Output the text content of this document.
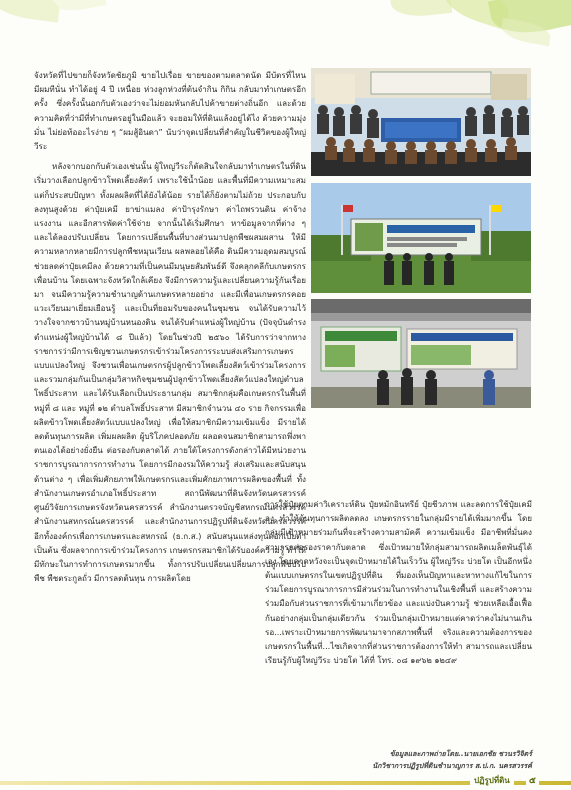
จังหวัดที่ไปขายก็จังหวัดชัยภูมิ ขายไปเรื่อย ขายของตามตลาดนัด มีบัตรที่ไหน มีผมทีนั่น ทำได้อยู่ 4 ปี เหนื่อย ห่วงลูกห่วงที่ต้นจำกิน กิกิน กลับมาทำเกษตรอีกครั้ง ซึ่งครั้งนั้นอกกับตัวเองว่าจะไม่ยอมหันกลับไปค้าขายต่างถิ่นอีก และด้วยความคิดที่ว่ามีที่ทำเกษตรอยู่ในมือแล้ว จะยอมให้ที่ดินแล้งอยู่ได้ไง ด้วยความมุ่งมั่น ไม่ย่อท้ออะไรง่าย ๆ “ผมสู้อินดา” นับว่าจุดเปลี่ยนที่สำคัญในชีวิตของผู้ใหญ่วีระ

หลังจากบอกกับตัวเองเช่นนั้น ผู้ใหญ่วีระก็ตัดสินใจกลับมาทำเกษตรในที่ดิน เริ่มวางเลือกปลูกข้าวโพดเลี้ยงสัตว์ เพราะใช้น้ำน้อย และพื้นที่มีความเหมาะสม แต่ก็ประสบปัญหา ทั้งผลผลิตที่ได้ยังได้น้อย รายได้ก็ยังตามไม่ถ้วย ประกอบกับลงทุนสูงด้วย ค่าปุ๋ยเคมี ยาฆ่าแมลง ค่าป้ารุงรักษา ค่าไถพรวนดิน ค่าจ้างแรงงาน และอีกสารพัดค่าใช้จ่าย จากนั้นได้เริ่มศึกษา หาข้อมูลจากที่ต่าง ๆ และได้ลองปรับเปลี่ยน โดยการเปลี่ยนพื้นที่บางส่วนมาปลูกพืชผสมผสาน ให้มีความหลากหลายมีการปลูกพืชหมุนเวียน ผลพลอยได้คือ ดินมีความอุดมสมบูรณ์ช่วยลดค่าปุ๋ยเคมีลง ด้วยความที่เป็นคนมีมนุษยสัมพันธ์ดี จึงคลุกคลีกับเกษตรกรเพื่อนบ้าน โดยเฉพาะจังหวัดใกล้เคียง จึงมีการความรู้และเปลี่ยนความรู้กันเรื่อยมา จนมีความรู้ความชำนาญด้านเกษตรหลายอย่าง และมีเพื่อนเกษตรกรคอยแวะเวียนมาเยี่ยมเยือนรู้ และเป็นที่ยอมรับของคนในชุมชน จนได้รับความไว้วางใจจากชาวบ้านหมู่บ้านหนองดิน จนได้รับตำแหน่งผู้ใหญ่บ้าน (ปัจจุบันดำรงตำแหน่งผู้ใหญ่บ้านได้ ๘ ปีแล้ว) โดยในช่วงปี ๒๕๖๐ ได้รับการว่าจากทางราชการว่ามีการเชิญชวนเกษตรกรเข้าร่วมโครงการระบบส่งเสริมการเกษตรแบบแปลงใหญ่ จึงชวนเพื่อนเกษตรกรผู้ปลูกข้าวโพดเลี้ยงสัตว์เข้าร่วมโครงการและรวมกลุ่มกันเป็นกลุ่มวิสาหกิจชุมชนผู้ปลูกข้าวโพดเลี้ยงสัตว์แปลงใหญ่ตำบลโพธิ์ประสาท และได้รับเลือกเป็นประธานกลุ่ม สมาชิกกลุ่มคือเกษตรกรในพื้นที่ หมู่ที่ ๘ และ หมู่ที่ ๑๒ ตำบลโพธิ์ประสาท มีสมาชิกจำนวน ๔๐ ราย กิจกรรมเพื่อผลิตข้าวโพดเลี้ยงสัตว์แบบแปลงใหญ่ เพื่อให้สมาชิกมีความเข้มแข็ง มีรายได้ ลดต้นทุนการผลิต เพิ่มผลผลิต ผู้บริโภคปลอดภัย ผลอดจนสมาชิกสามารถพึ่งพาตนเองได้อย่างยั่งยืน ต่อรองกับตลาดได้ ภายใต้โครงการดังกล่าวได้มีหน่วยงานราชการบูรณาการการทำงาน โดยการมีกองรมให้ความรู้ ส่งเสริมและสนับสนุนด้านต่าง ๆ เพื่อเพิ่มศักยภาพให้เกษตรกรและเพิ่มศักยภาพการผลิตของพื้นที่ ทั้งสำนักงานเกษตรอำเภอโพธิ์ประสาท สถานีพัฒนาที่ดินจังหวัดนครสวรรค์ ศูนย์วิจัยการเกษตรจังหวัดนครสวรรค์ สำนักงานตรวจบัญชีสหกรณ์นครสวรรค์ สำนักงานสหกรณ์นครสวรรค์ และสำนักงานการปฏิรูปที่ดินจังหวัดนครสวรรค์ อีกทั้งองค์กรเพื่อการเกษตรและสหกรณ์ (ธ.ก.ส.) สนับสนุนแหล่งทุนดอกเบี้ยต่ำเป็นต้น ซึ่งผลจากการเข้าร่วมโครงการ เกษตรกรสมาชิกได้รับองค์ความรู้ ทำให้มีทักษะในการทำการเกษตรมากขึ้น ทั้งการปรับเปลี่ยนเปลี่ยนการปลูกพืชปรับพืช พืชตระกูลถั่ว มีการลดต้นทุน การผลิตโดย

การใช้ปุ๋ยตามค่าวิเคราะห์ดิน ปุ๋ยหมักอินทรีย์ ปุ๋ยชีวภาพ และลดการใช้ปุ๋ยเคมีลง ทำให้ต้นทุนการผลิตลดลง เกษตรกรรายในกลุ่มมีรายได้เพิ่มมากขึ้น โดยกลุ่มมีเป้าหมายร่วมกันที่จะสร้างความสามัคคี ความเข้มแข็ง มีอาชีพที่มั่นคง สามารถต่อรองราคากับตลาด ซึ่งเป้าหมายให้กลุ่มสามารถผลิตเมล็ดพันธุ์ได้เอง โดยคาดหวังจะเป็นจุดเป้าหมายได้ในเร็ววัน ผู้ใหญ่วีระ บ่วยโต เป็นอีกหนึ่งต้นแบบเกษตรกรในเขตปฏิรูปที่ดิน ที่มองเห็นปัญหาและหาทางแก้ไขในการร่วมโดยการบูรณาการการมีส่วนร่วมในการทำงานในเชิงพื้นที่ และสร้างความร่วมมือกับส่วนราชการที่เข้ามาเกี่ยวข้อง และแบ่งปันความรู้ ช่วยเหลือเอื้อเฟื้อกันอย่างกลุ่มเป็นกลุ่มเดียวกัน ร่วมเป็นกลุ่มเป้าหมายแต่คาดว่าคงไม่นานเกินรอ...เพราะเป้าหมายการพัฒนามาจากสภาพพื้นที่ จริงและความต้องการของเกษตรกรในพื้นที่...ไซเกิดจากที่ส่วนราชการต้องการให้ทำ สามารถและเปลี่ยนเรียนรู้กับผู้ใหญ่วีระ บ่วยโต ได้ที่ โทร. ๐๘ ๑๙๖๒ ๑๒๔๙

ข้อมูลและภาพถ่ายโดย..นายเอกชัย ชวนรวิจิตร์
นักวิชาการปฏิรูปที่ดินชำนาญการ ส.ป.ก. นครสวรรค์
ปฏิรูปที่ดิน	๕
